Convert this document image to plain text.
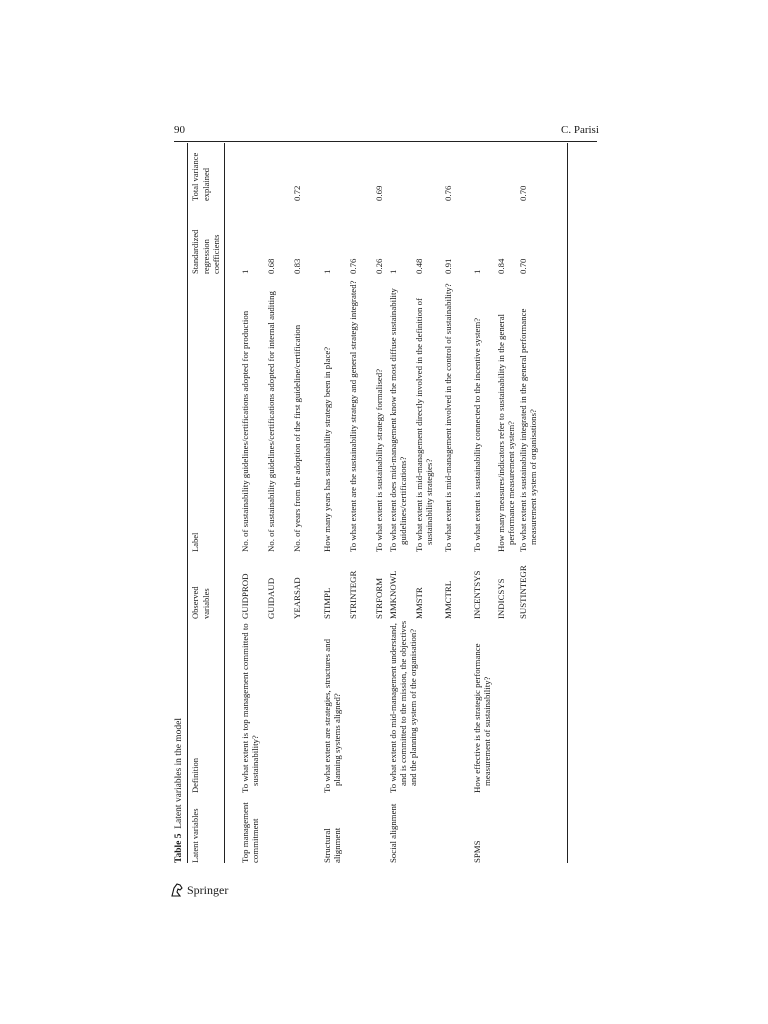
90	C. Parisi
Springer
Table 5  Latent variables in the model
Latent variables
Definition
Observed variables
Label
Standardized regression coefficients
Total variance explained
Top management commitment
To what extent is top management committed to sustainability?
GUIDPROD
No. of sustainability guidelines/certifications adopted for production
1
GUIDAUD
No. of sustainability guidelines/certifications adopted for internal auditing
0.68
YEARSAD
No. of years from the adoption of the first guideline/certification
0.83
0.72
Structural alignment
To what extent are strategies, structures and planning systems aligned?
STIMPL
How many years has sustainability strategy been in place?
1
STRINTEGR
To what extent are the sustainability strategy and general strategy integrated?
0.76
STRFORM
To what extent is sustainability strategy formalised?
0.26
0.69
Social alignment
To what extent do mid-management understand, and is committed to the mission, the objectives and the planning system of the organisation?
MMKNOWL
To what extent does mid-management know the most diffuse sustainability guidelines/certifications?
1
MMSTR
To what extent is mid-management directly involved in the definition of sustainability strategies?
0.48
MMCTRL
To what extent is mid-management involved in the control of sustainability?
0.91
0.76
SPMS
How effective is the strategic performance measurement of sustainability?
INCENTSYS
To what extent is sustainability connected to the incentive system?
1
INDICSYS
How many measures/indicators refer to sustainability in the general performance measurement system?
0.84
SUSTINTEGR
To what extent is sustainability integrated in the general performance measurement system of organisations?
0.70
0.70
